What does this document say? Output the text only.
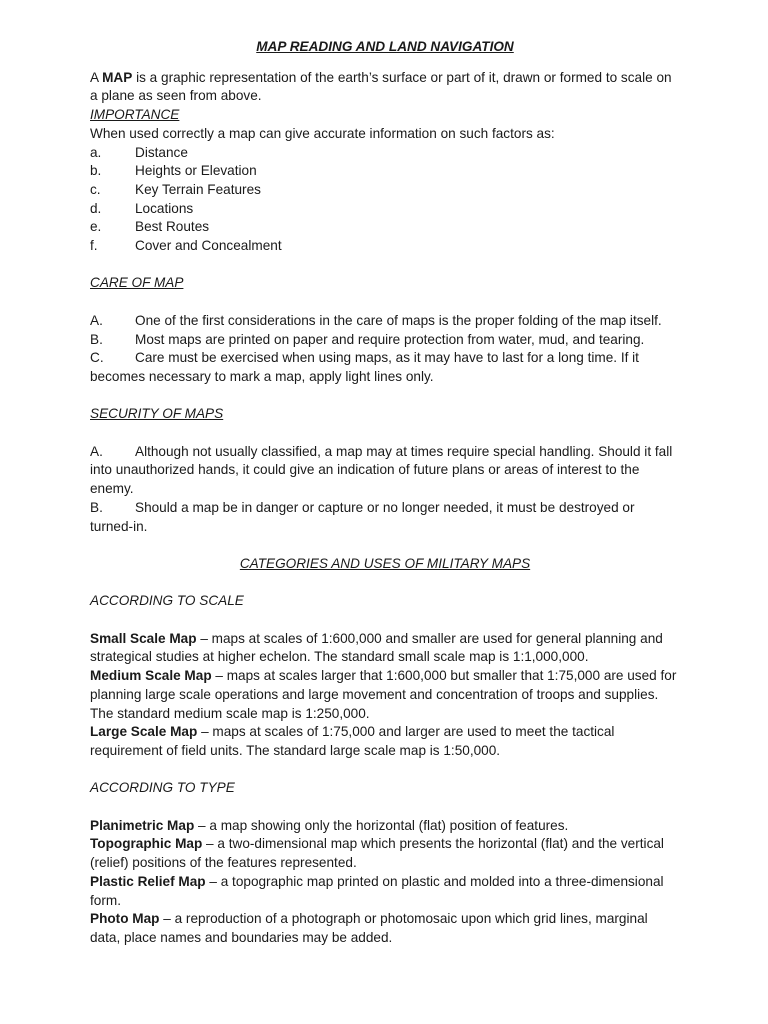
MAP READING AND LAND NAVIGATION

A MAP is a graphic representation of the earth’s surface or part of it, drawn or formed to scale on a plane as seen from above.

IMPORTANCE

When used correctly a map can give accurate information on such factors as:

a.	Distance
b.	Heights or Elevation
c.	Key Terrain Features
d.	Locations
e.	Best Routes
f.	Cover and Concealment

CARE OF MAP

A. One of the first considerations in the care of maps is the proper folding of the map itself.

B. Most maps are printed on paper and require protection from water, mud, and tearing.

C. Care must be exercised when using maps, as it may have to last for a long time. If it becomes necessary to mark a map, apply light lines only.

SECURITY OF MAPS

A. Although not usually classified, a map may at times require special handling. Should it fall into unauthorized hands, it could give an indication of future plans or areas of interest to the enemy.

B. Should a map be in danger or capture or no longer needed, it must be destroyed or turned-in.

CATEGORIES AND USES OF MILITARY MAPS

ACCORDING TO SCALE

Small Scale Map – maps at scales of 1:600,000 and smaller are used for general planning and strategical studies at higher echelon. The standard small scale map is 1:1,000,000.

Medium Scale Map – maps at scales larger that 1:600,000 but smaller that 1:75,000 are used for planning large scale operations and large movement and concentration of troops and supplies. The standard medium scale map is 1:250,000.

Large Scale Map – maps at scales of 1:75,000 and larger are used to meet the tactical requirement of field units. The standard large scale map is 1:50,000.

ACCORDING TO TYPE

Planimetric Map – a map showing only the horizontal (flat) position of features.

Topographic Map – a two-dimensional map which presents the horizontal (flat) and the vertical (relief) positions of the features represented.

Plastic Relief Map – a topographic map printed on plastic and molded into a three-dimensional form.

Photo Map – a reproduction of a photograph or photomosaic upon which grid lines, marginal data, place names and boundaries may be added.
